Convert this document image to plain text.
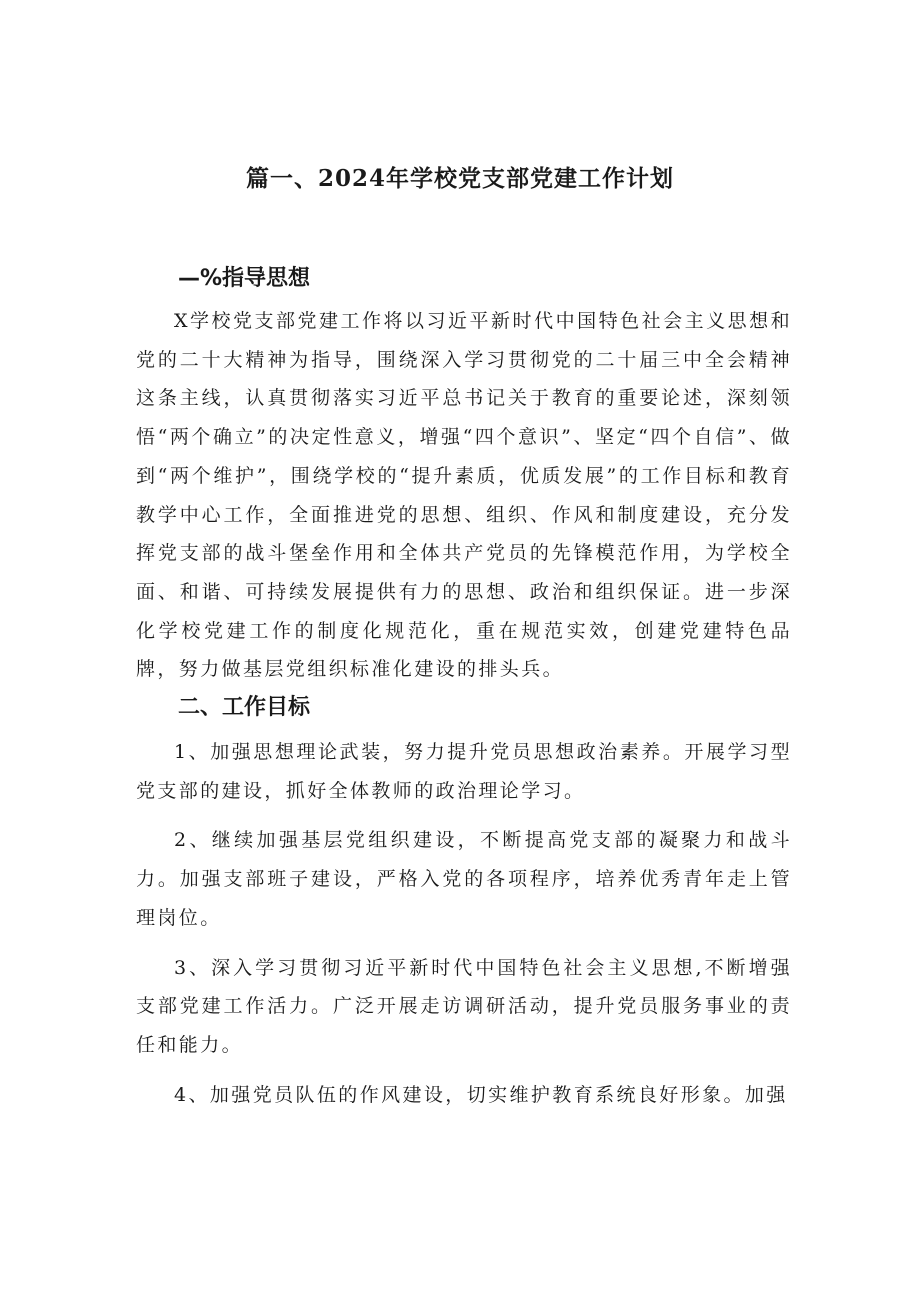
篇一、2024年学校党支部党建工作计划
—%指导思想

X学校党支部党建工作将以习近平新时代中国特色社会主义思想和党的二十大精神为指导，围绕深入学习贯彻党的二十届三中全会精神这条主线，认真贯彻落实习近平总书记关于教育的重要论述，深刻领悟“两个确立”的决定性意义，增强“四个意识”、坚定“四个自信”、做到“两个维护”，围绕学校的“提升素质，优质发展”的工作目标和教育教学中心工作，全面推进党的思想、组织、作风和制度建设，充分发挥党支部的战斗堡垒作用和全体共产党员的先锋模范作用，为学校全面、和谐、可持续发展提供有力的思想、政治和组织保证。进一步深化学校党建工作的制度化规范化，重在规范实效，创建党建特色品牌，努力做基层党组织标准化建设的排头兵。

二、工作目标

1、加强思想理论武装，努力提升党员思想政治素养。开展学习型党支部的建设，抓好全体教师的政治理论学习。

2、继续加强基层党组织建设，不断提高党支部的凝聚力和战斗力。加强支部班子建设，严格入党的各项程序，培养优秀青年走上管理岗位。

3、深入学习贯彻习近平新时代中国特色社会主义思想,不断增强支部党建工作活力。广泛开展走访调研活动，提升党员服务事业的责任和能力。

4、加强党员队伍的作风建设，切实维护教育系统良好形象。加强
